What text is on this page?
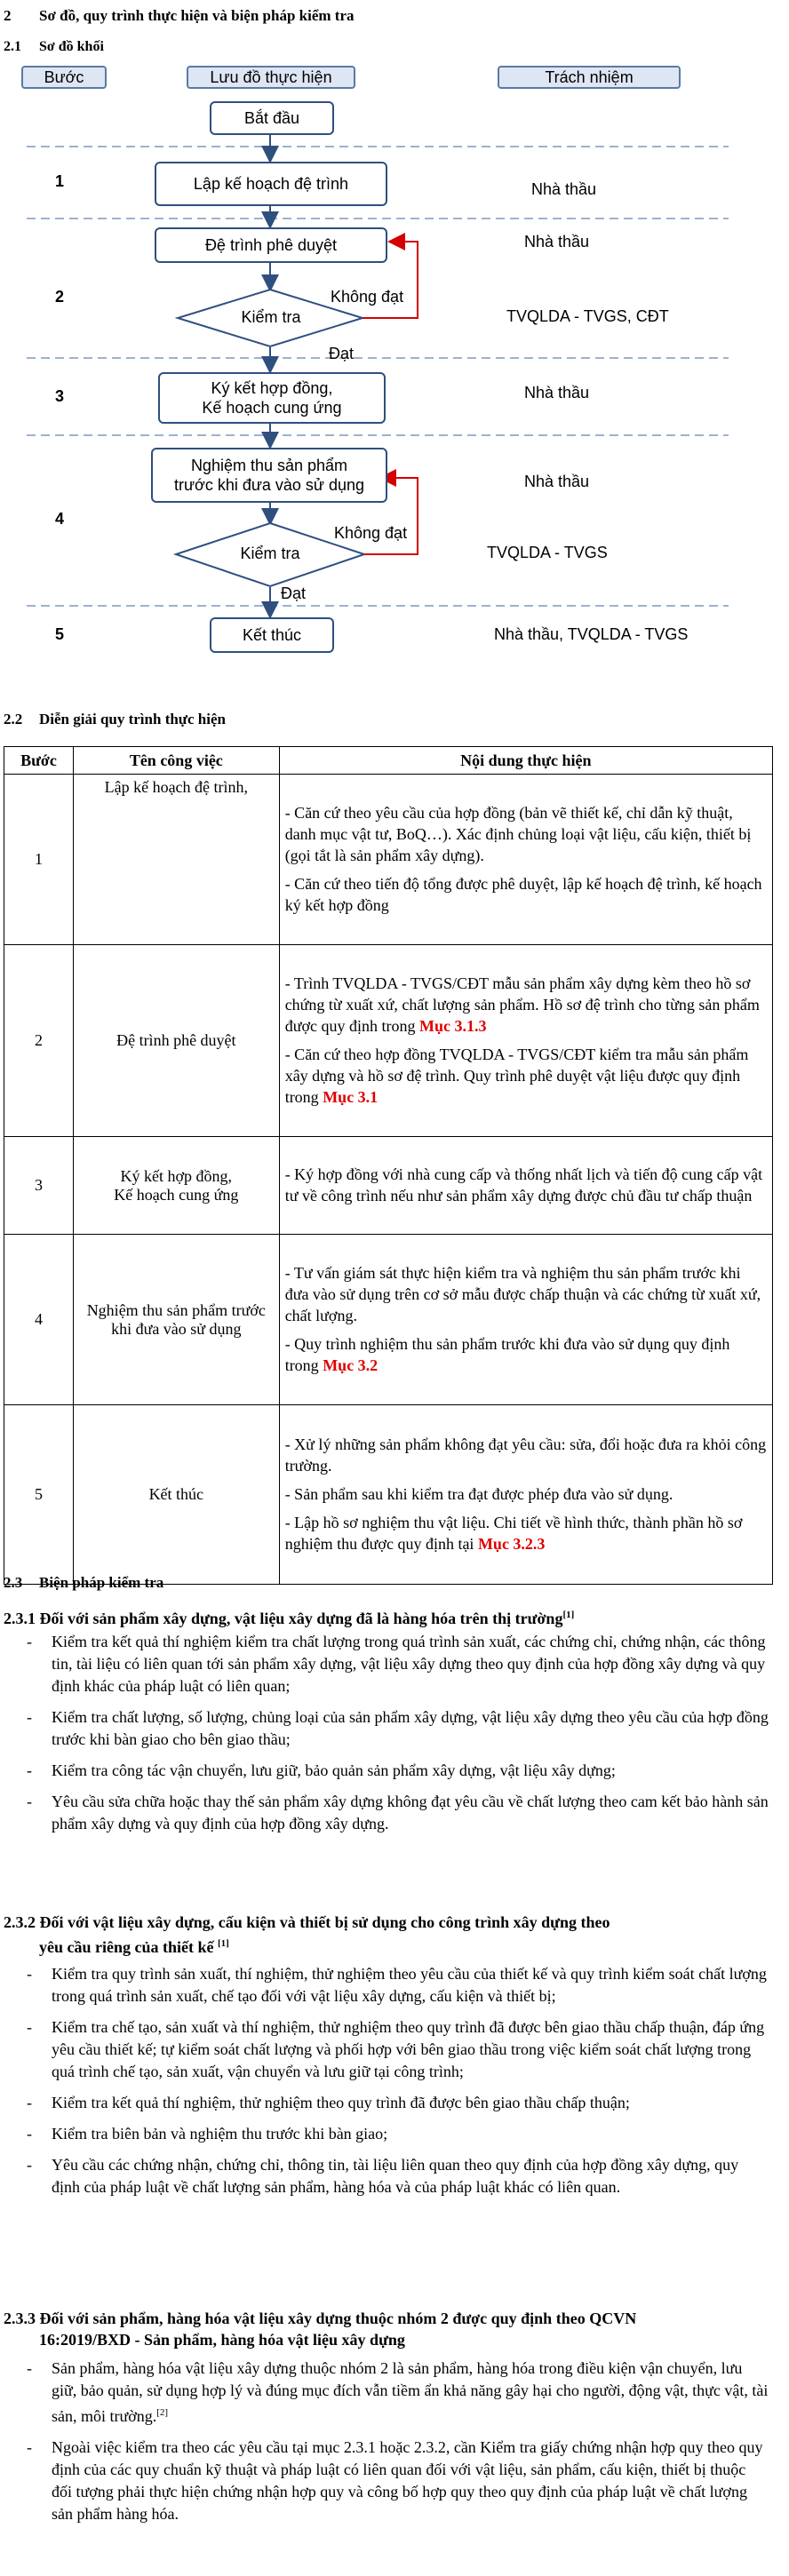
2 Sơ đồ, quy trình thực hiện và biện pháp kiểm tra
2.1 Sơ đồ khối
Bước	Lưu đồ thực hiện	Trách nhiệm
Bắt đầu
Lập kế hoạch đệ trình
Đệ trình phê duyệt
Kiểm tra
Không đạt
Đạt
Ký kết hợp đồng,
Kế hoạch cung ứng
Nghiệm thu sản phẩm
trước khi đưa vào sử dụng
Kiểm tra
Không đạt
Đạt
Kết thúc
1
2
3
4
5
Nhà thầu
Nhà thầu
TVQLDA - TVGS, CĐT
Nhà thầu
Nhà thầu
TVQLDA - TVGS
Nhà thầu, TVQLDA - TVGS
2.2 Diễn giải quy trình thực hiện
Bước	Tên công việc	Nội dung thực hiện
1	Lập kế hoạch đệ trình,	- Căn cứ theo yêu cầu của hợp đồng (bản vẽ thiết kế, chỉ dẫn kỹ thuật, danh mục vật tư, BoQ…). Xác định chủng loại vật liệu, cấu kiện, thiết bị (gọi tắt là sản phẩm xây dựng).

- Căn cứ theo tiến độ tổng được phê duyệt, lập kế hoạch đệ trình, kế hoạch ký kết hợp đồng

2	Đệ trình phê duyệt	- Trình TVQLDA - TVGS/CĐT mẫu sản phẩm xây dựng kèm theo hồ sơ chứng từ xuất xứ, chất lượng sản phẩm. Hồ sơ đệ trình cho từng sản phẩm được quy định trong Mục 3.1.3

- Căn cứ theo hợp đồng TVQLDA - TVGS/CĐT kiểm tra mẫu sản phẩm xây dựng và hồ sơ đệ trình. Quy trình phê duyệt vật liệu được quy định trong Mục 3.1

3	Ký kết hợp đồng,
Kế hoạch cung ứng	- Ký hợp đồng với nhà cung cấp và thống nhất lịch và tiến độ cung cấp vật tư về công trình nếu như sản phẩm xây dựng được chủ đầu tư chấp thuận

4	Nghiệm thu sản phẩm trước khi đưa vào sử dụng	- Tư vấn giám sát thực hiện kiểm tra và nghiệm thu sản phẩm trước khi đưa vào sử dụng trên cơ sở mẫu được chấp thuận và các chứng từ xuất xứ, chất lượng.

- Quy trình nghiệm thu sản phẩm trước khi đưa vào sử dụng quy định trong Mục 3.2

5	Kết thúc	- Xử lý những sản phẩm không đạt yêu cầu: sửa, đổi hoặc đưa ra khỏi công trường.

- Sản phẩm sau khi kiểm tra đạt được phép đưa vào sử dụng.

- Lập hồ sơ nghiệm thu vật liệu. Chi tiết về hình thức, thành phần hồ sơ nghiệm thu được quy định tại Mục 3.2.3

2.3 Biện pháp kiểm tra
2.3.1 Đối với sản phẩm xây dựng, vật liệu xây dựng đã là hàng hóa trên thị trường[1]
- Kiểm tra kết quả thí nghiệm kiểm tra chất lượng trong quá trình sản xuất, các chứng chỉ, chứng nhận, các thông tin, tài liệu có liên quan tới sản phẩm xây dựng, vật liệu xây dựng theo quy định của hợp đồng xây dựng và quy định khác của pháp luật có liên quan;
- Kiểm tra chất lượng, số lượng, chủng loại của sản phẩm xây dựng, vật liệu xây dựng theo yêu cầu của hợp đồng trước khi bàn giao cho bên giao thầu;
- Kiểm tra công tác vận chuyển, lưu giữ, bảo quản sản phẩm xây dựng, vật liệu xây dựng;
- Yêu cầu sửa chữa hoặc thay thế sản phẩm xây dựng không đạt yêu cầu về chất lượng theo cam kết bảo hành sản phẩm xây dựng và quy định của hợp đồng xây dựng.
2.3.2 Đối với vật liệu xây dựng, cấu kiện và thiết bị sử dụng cho công trình xây dựng theo
yêu cầu riêng của thiết kế [1]
- Kiểm tra quy trình sản xuất, thí nghiệm, thử nghiệm theo yêu cầu của thiết kế và quy trình kiểm soát chất lượng trong quá trình sản xuất, chế tạo đối với vật liệu xây dựng, cấu kiện và thiết bị;
- Kiểm tra chế tạo, sản xuất và thí nghiệm, thử nghiệm theo quy trình đã được bên giao thầu chấp thuận, đáp ứng yêu cầu thiết kế; tự kiểm soát chất lượng và phối hợp với bên giao thầu trong việc kiểm soát chất lượng trong quá trình chế tạo, sản xuất, vận chuyển và lưu giữ tại công trình;
- Kiểm tra kết quả thí nghiệm, thử nghiệm theo quy trình đã được bên giao thầu chấp thuận;
- Kiểm tra biên bản và nghiệm thu trước khi bàn giao;
- Yêu cầu các chứng nhận, chứng chỉ, thông tin, tài liệu liên quan theo quy định của hợp đồng xây dựng, quy định của pháp luật về chất lượng sản phẩm, hàng hóa và của pháp luật khác có liên quan.
2.3.3 Đối với sản phẩm, hàng hóa vật liệu xây dựng thuộc nhóm 2 được quy định theo QCVN
16:2019/BXD - Sản phẩm, hàng hóa vật liệu xây dựng
- Sản phẩm, hàng hóa vật liệu xây dựng thuộc nhóm 2 là sản phẩm, hàng hóa trong điều kiện vận chuyển, lưu giữ, bảo quản, sử dụng hợp lý và đúng mục đích vẫn tiềm ẩn khả năng gây hại cho người, động vật, thực vật, tài sản, môi trường.[2]
- Ngoài việc kiểm tra theo các yêu cầu tại mục 2.3.1 hoặc 2.3.2, cần Kiểm tra giấy chứng nhận hợp quy theo quy định của các quy chuẩn kỹ thuật và pháp luật có liên quan đối với vật liệu, sản phẩm, cấu kiện, thiết bị thuộc đối tượng phải thực hiện chứng nhận hợp quy và công bố hợp quy theo quy định của pháp luật về chất lượng sản phẩm hàng hóa.
